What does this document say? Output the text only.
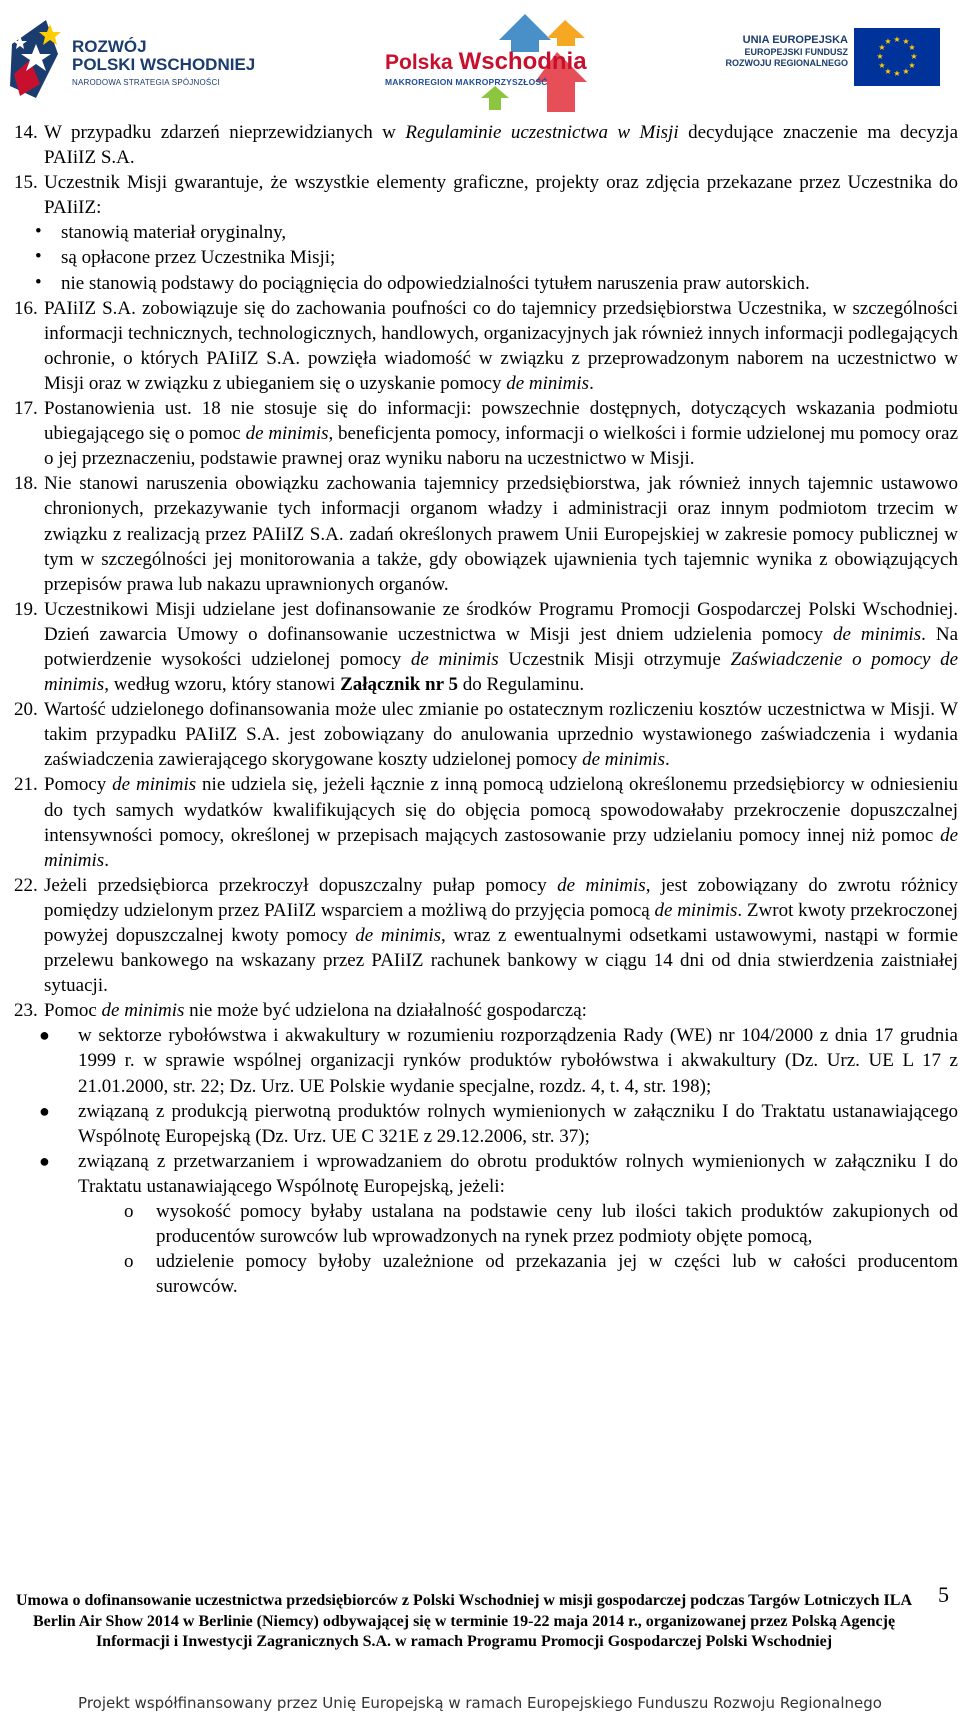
ROZWÓJ
POLSKI WSCHODNIEJ
NARODOWA STRATEGIA SPÓJNOŚCI
Polska Wschodnia
MAKROREGION MAKROPRZYSZŁOŚĆ
UNIA EUROPEJSKA
EUROPEJSKI FUNDUSZ
ROZWOJU REGIONALNEGO
★ ★
★
★
★
★
★
★
★
★
★
★
14. W przypadku zdarzeń nieprzewidzianych w Regulaminie uczestnictwa w Misji decydujące znaczenie ma decyzja PAIiIZ S.A.
15. Uczestnik Misji gwarantuje, że wszystkie elementy graficzne, projekty oraz zdjęcia przekazane przez Uczestnika do PAIiIZ:
• stanowią materiał oryginalny,
• są opłacone przez Uczestnika Misji;
• nie stanowią podstawy do pociągnięcia do odpowiedzialności tytułem naruszenia praw autorskich.
16. PAIiIZ S.A. zobowiązuje się do zachowania poufności co do tajemnicy przedsiębiorstwa Uczestnika, w szczególności informacji technicznych, technologicznych, handlowych, organizacyjnych jak również innych informacji podlegających ochronie, o których PAIiIZ S.A. powzięła wiadomość w związku z przeprowadzonym naborem na uczestnictwo w Misji oraz w związku z ubieganiem się o uzyskanie pomocy de minimis.
17. Postanowienia ust. 18 nie stosuje się do informacji: powszechnie dostępnych, dotyczących wskazania podmiotu ubiegającego się o pomoc de minimis, beneficjenta pomocy, informacji o wielkości i formie udzielonej mu pomocy oraz o jej przeznaczeniu, podstawie prawnej oraz wyniku naboru na uczestnictwo w Misji.
18. Nie stanowi naruszenia obowiązku zachowania tajemnicy przedsiębiorstwa, jak również innych tajemnic ustawowo chronionych, przekazywanie tych informacji organom władzy i administracji oraz innym podmiotom trzecim w związku z realizacją przez PAIiIZ S.A. zadań określonych prawem Unii Europejskiej w zakresie pomocy publicznej w tym w szczególności jej monitorowania a także, gdy obowiązek ujawnienia tych tajemnic wynika z obowiązujących przepisów prawa lub nakazu uprawnionych organów.
19. Uczestnikowi Misji udzielane jest dofinansowanie ze środków Programu Promocji Gospodarczej Polski Wschodniej. Dzień zawarcia Umowy o dofinansowanie uczestnictwa w Misji jest dniem udzielenia pomocy de minimis. Na potwierdzenie wysokości udzielonej pomocy de minimis Uczestnik Misji otrzymuje Zaświadczenie o pomocy de minimis, według wzoru, który stanowi Załącznik nr 5 do Regulaminu.
20. Wartość udzielonego dofinansowania może ulec zmianie po ostatecznym rozliczeniu kosztów uczestnictwa w Misji. W takim przypadku PAIiIZ S.A. jest zobowiązany do anulowania uprzednio wystawionego zaświadczenia i wydania zaświadczenia zawierającego skorygowane koszty udzielonej pomocy de minimis.
21. Pomocy de minimis nie udziela się, jeżeli łącznie z inną pomocą udzieloną określonemu przedsiębiorcy w odniesieniu do tych samych wydatków kwalifikujących się do objęcia pomocą spowodowałaby przekroczenie dopuszczalnej intensywności pomocy, określonej w przepisach mających zastosowanie przy udzielaniu pomocy innej niż pomoc de minimis.
22. Jeżeli przedsiębiorca przekroczył dopuszczalny pułap pomocy de minimis, jest zobowiązany do zwrotu różnicy pomiędzy udzielonym przez PAIiIZ wsparciem a możliwą do przyjęcia pomocą de minimis. Zwrot kwoty przekroczonej powyżej dopuszczalnej kwoty pomocy de minimis, wraz z ewentualnymi odsetkami ustawowymi, nastąpi w formie przelewu bankowego na wskazany przez PAIiIZ rachunek bankowy w ciągu 14 dni od dnia stwierdzenia zaistniałej sytuacji.
23. Pomoc de minimis nie może być udzielona na działalność gospodarczą:
● w sektorze rybołówstwa i akwakultury w rozumieniu rozporządzenia Rady (WE) nr 104/2000 z dnia 17 grudnia 1999 r. w sprawie wspólnej organizacji rynków produktów rybołówstwa i akwakultury (Dz. Urz. UE L 17 z 21.01.2000, str. 22; Dz. Urz. UE Polskie wydanie specjalne, rozdz. 4, t. 4, str. 198);
● związaną z produkcją pierwotną produktów rolnych wymienionych w załączniku I do Traktatu ustanawiającego Wspólnotę Europejską (Dz. Urz. UE C 321E z 29.12.2006, str. 37);
● związaną z przetwarzaniem i wprowadzaniem do obrotu produktów rolnych wymienionych w załączniku I do Traktatu ustanawiającego Wspólnotę Europejską, jeżeli:
o wysokość pomocy byłaby ustalana na podstawie ceny lub ilości takich produktów zakupionych od producentów surowców lub wprowadzonych na rynek przez podmioty objęte pomocą,
o udzielenie pomocy byłoby uzależnione od przekazania jej w części lub w całości producentom surowców.
5
Umowa o dofinansowanie uczestnictwa przedsiębiorców z Polski Wschodniej w misji gospodarczej podczas Targów Lotniczych ILA Berlin Air Show 2014 w Berlinie (Niemcy) odbywającej się w terminie 19-22 maja 2014 r., organizowanej przez Polską Agencję Informacji i Inwestycji Zagranicznych S.A. w ramach Programu Promocji Gospodarczej Polski Wschodniej
Projekt współfinansowany przez Unię Europejską w ramach Europejskiego Funduszu Rozwoju Regionalnego
